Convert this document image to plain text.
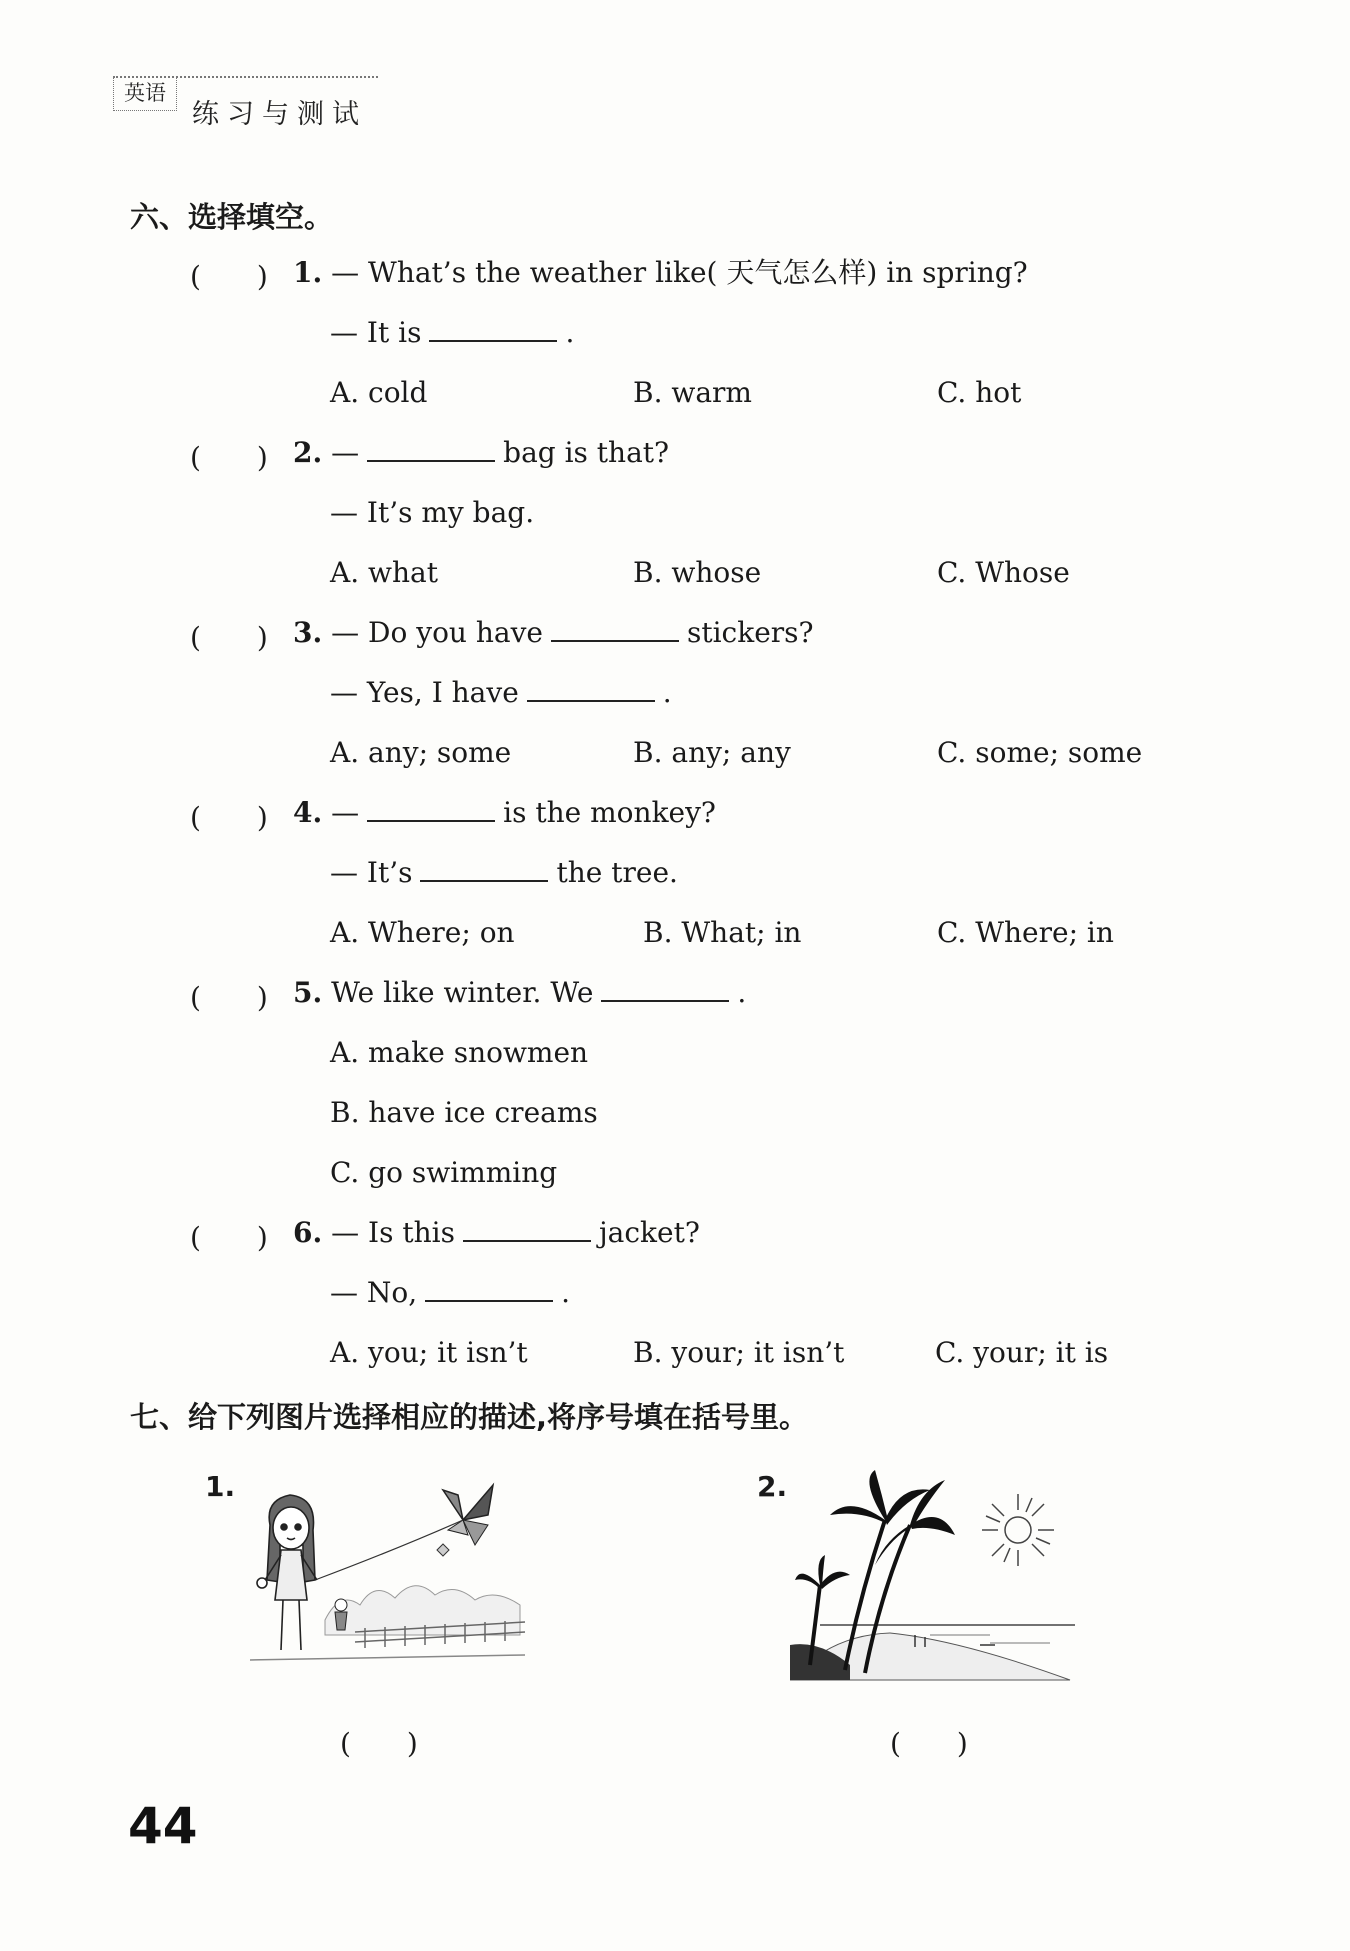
英语
练习与测试
六、选择填空。
(　　) 1. — What’s the weather like( 天气怎么样) in spring?
— It is	.
A. cold	B. warm	C. hot
(　　) 2. —	bag is that?
— It’s my bag.
A. what	B. whose	C. Whose
(　　) 3. — Do you have	stickers?
— Yes, I have	.
A. any; some	B. any; any	C. some; some
(　　) 4. —	is the monkey?
— It’s	the tree.
A. Where; on	B. What; in	C. Where; in
(　　) 5. We like winter. We	.
A. make snowmen
B. have ice creams
C. go swimming
(　　) 6. — Is this	jacket?
— No,	.
A. you; it isn’t	B. your; it isn’t	C. your; it is
七、给下列图片选择相应的描述,将序号填在括号里。
1.	2.
(　　)	(　　)
44
